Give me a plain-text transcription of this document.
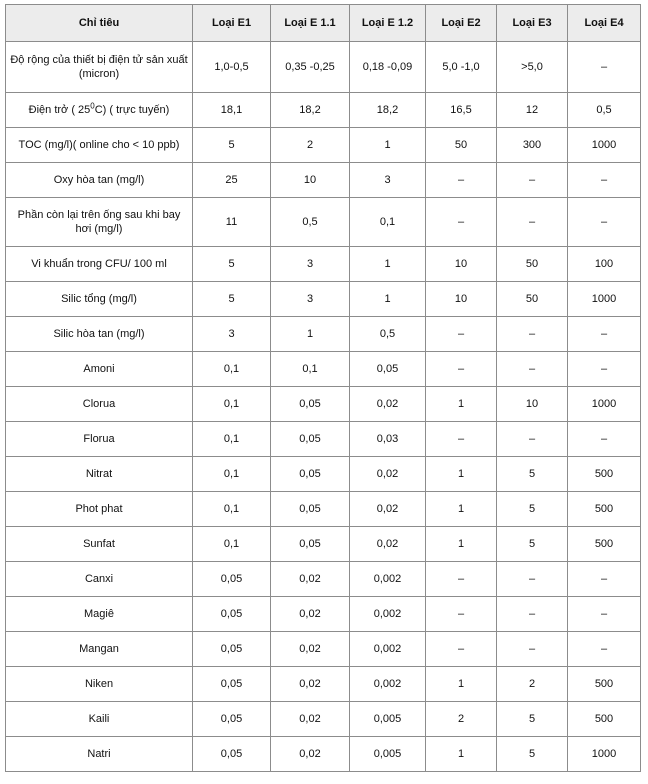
Chỉ tiêu	Loại E1	Loại E 1.1	Loại E 1.2	Loại E2	Loại E3	Loại E4
Độ rộng của thiết bị điện tử sản xuất (micron)	1,0-0,5	0,35 -0,25	0,18 -0,09	5,0 -1,0	>5,0	–
Điện trở ( $25^0C$) ( trực tuyến)	18,1	18,2	18,2	16,5	12	0,5
TOC (mg/l)( online cho < 10 ppb)	5	2	1	50	300	1000
Oxy hòa tan (mg/l)	25	10	3	–	–	–
Phần còn lại trên ống sau khi bay hơi (mg/l)	11	0,5	0,1	–	–	–
Vi khuẩn trong CFU/ 100 ml	5	3	1	10	50	100
Silic tổng (mg/l)	5	3	1	10	50	1000
Silic hòa tan (mg/l)	3	1	0,5	–	–	–
Amoni	0,1	0,1	0,05	–	–	–
Clorua	0,1	0,05	0,02	1	10	1000
Florua	0,1	0,05	0,03	–	–	–
Nitrat	0,1	0,05	0,02	1	5	500
Phot phat	0,1	0,05	0,02	1	5	500
Sunfat	0,1	0,05	0,02	1	5	500
Canxi	0,05	0,02	0,002	–	–	–
Magiê	0,05	0,02	0,002	–	–	–
Mangan	0,05	0,02	0,002	–	–	–
Niken	0,05	0,02	0,002	1	2	500
Kaili	0,05	0,02	0,005	2	5	500
Natri	0,05	0,02	0,005	1	5	1000
